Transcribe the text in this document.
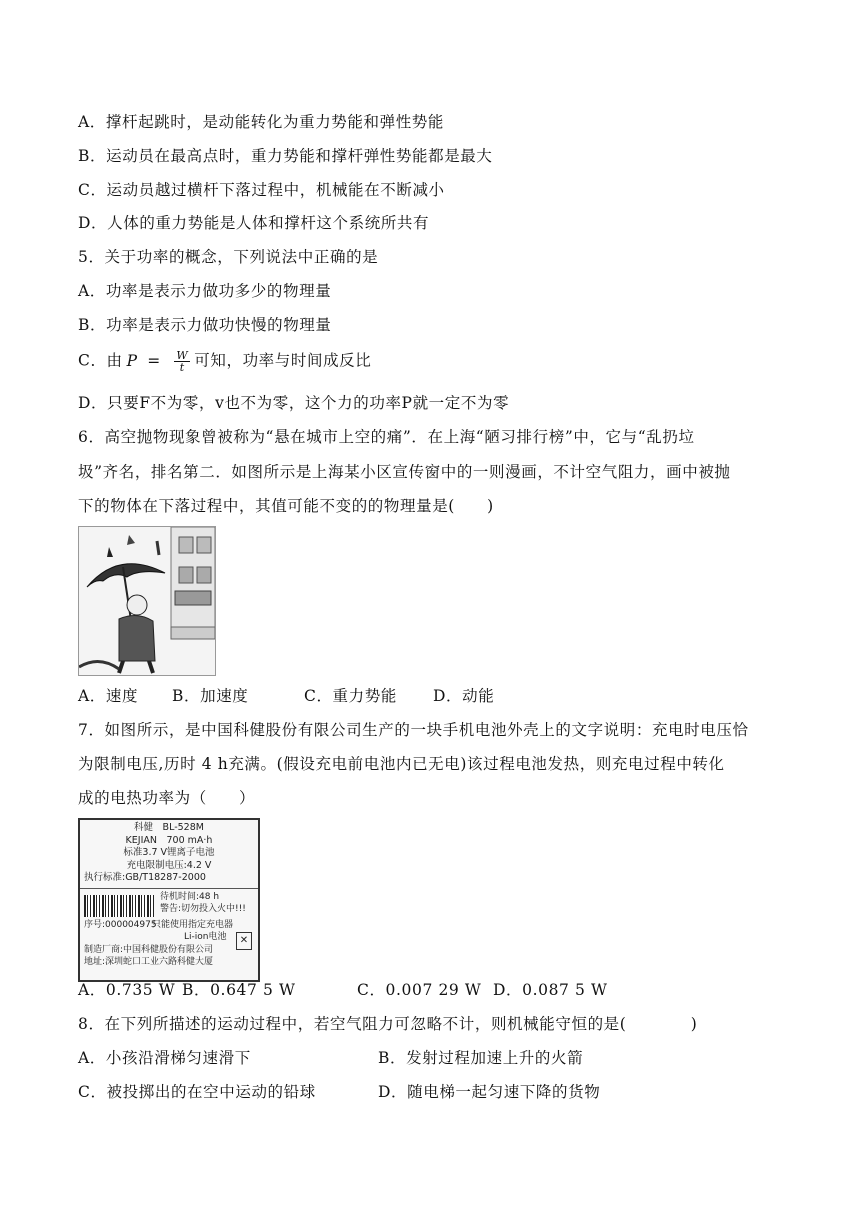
A．撑杆起跳时，是动能转化为重力势能和弹性势能
B．运动员在最高点时，重力势能和撑杆弹性势能都是最大
C．运动员越过横杆下落过程中，机械能在不断减小
D．人体的重力势能是人体和撑杆这个系统所共有
5．关于功率的概念，下列说法中正确的是
A．功率是表示力做功多少的物理量
B．功率是表示力做功快慢的物理量
C．由 $P = \frac{W}{t}$ 可知，功率与时间成反比
D．只要F不为零，v也不为零，这个力的功率P就一定不为零
6．高空抛物现象曾被称为“悬在城市上空的痛”．在上海“陋习排行榜”中，它与“乱扔垃
圾”齐名，排名第二．如图所示是上海某小区宣传窗中的一则漫画，不计空气阻力，画中被抛
下的物体在下落过程中，其值可能不变的的物理量是(　　)
A．速度 B．加速度	C．重力势能 D．动能
7．如图所示，是中国科健股份有限公司生产的一块手机电池外壳上的文字说明：充电时电压恰
为限制电压,历时 4 h充满。(假设充电前电池内已无电)该过程电池发热，则充电过程中转化
成的电热功率为（　　）
科健　BL-528M
KEJIAN　700 mA·h
标准3.7 V锂离子电池
充电限制电压:4.2 V
执行标准:GB/T18287-2000
待机时间:48 h
警告:切勿投入火中!!!
序号:000004975
只能使用指定充电器
Li-ion电池	✕
制造厂商:中国科健股份有限公司
地址:深圳蛇口工业六路科健大厦
A．0.735 W B．0.647 5 W	C．0.007 29 W D．0.087 5 W
8．在下列所描述的运动过程中，若空气阻力可忽略不计，则机械能守恒的是(　　　　)
A．小孩沿滑梯匀速滑下	B．发射过程加速上升的火箭
C．被投掷出的在空中运动的铅球	D．随电梯一起匀速下降的货物
